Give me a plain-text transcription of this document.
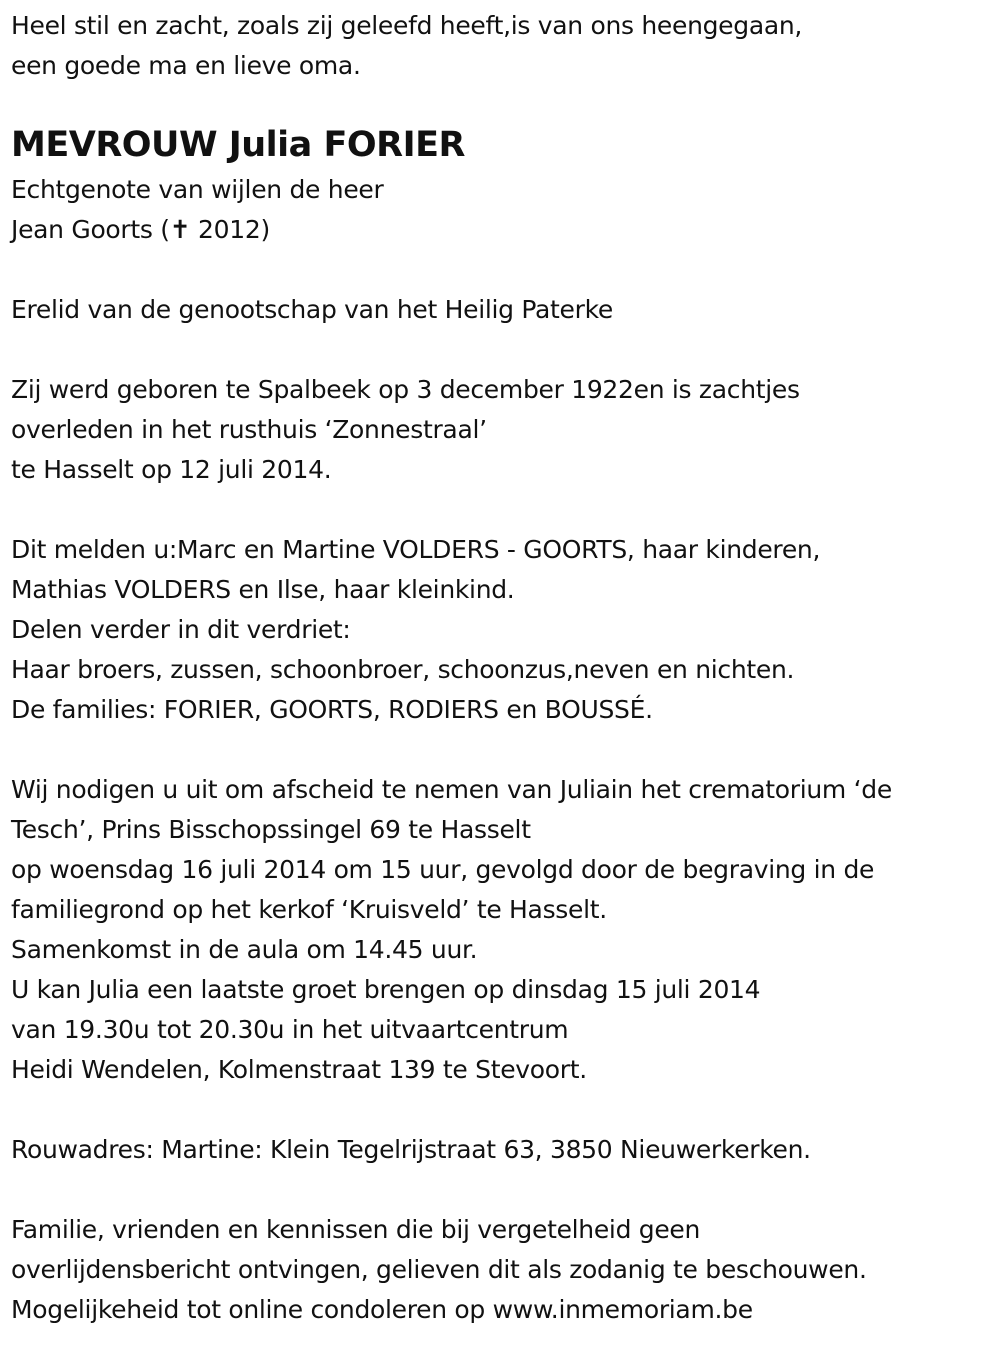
Heel stil en zacht, zoals zij geleefd heeft,is van ons heengegaan,
een goede ma en lieve oma.
MEVROUW Julia FORIER
Echtgenote van wijlen de heer
Jean Goorts (✝ 2012)
Erelid van de genootschap van het Heilig Paterke
Zij werd geboren te Spalbeek op 3 december 1922en is zachtjes
overleden in het rusthuis ‘Zonnestraal’
te Hasselt op 12 juli 2014.
Dit melden u:Marc en Martine VOLDERS - GOORTS, haar kinderen,
Mathias VOLDERS en Ilse, haar kleinkind.
Delen verder in dit verdriet:
Haar broers, zussen, schoonbroer, schoonzus,neven en nichten.
De families: FORIER, GOORTS, RODIERS en BOUSSÉ.
Wij nodigen u uit om afscheid te nemen van Juliain het crematorium ‘de
Tesch’, Prins Bisschopssingel 69 te Hasselt
op woensdag 16 juli 2014 om 15 uur, gevolgd door de begraving in de
familiegrond op het kerkof ‘Kruisveld’ te Hasselt.
Samenkomst in de aula om 14.45 uur.
U kan Julia een laatste groet brengen op dinsdag 15 juli 2014
van 19.30u tot 20.30u in het uitvaartcentrum
Heidi Wendelen, Kolmenstraat 139 te Stevoort.
Rouwadres: Martine: Klein Tegelrijstraat 63, 3850 Nieuwerkerken.
Familie, vrienden en kennissen die bij vergetelheid geen
overlijdensbericht ontvingen, gelieven dit als zodanig te beschouwen.
Mogelijkeheid tot online condoleren op www.inmemoriam.be
